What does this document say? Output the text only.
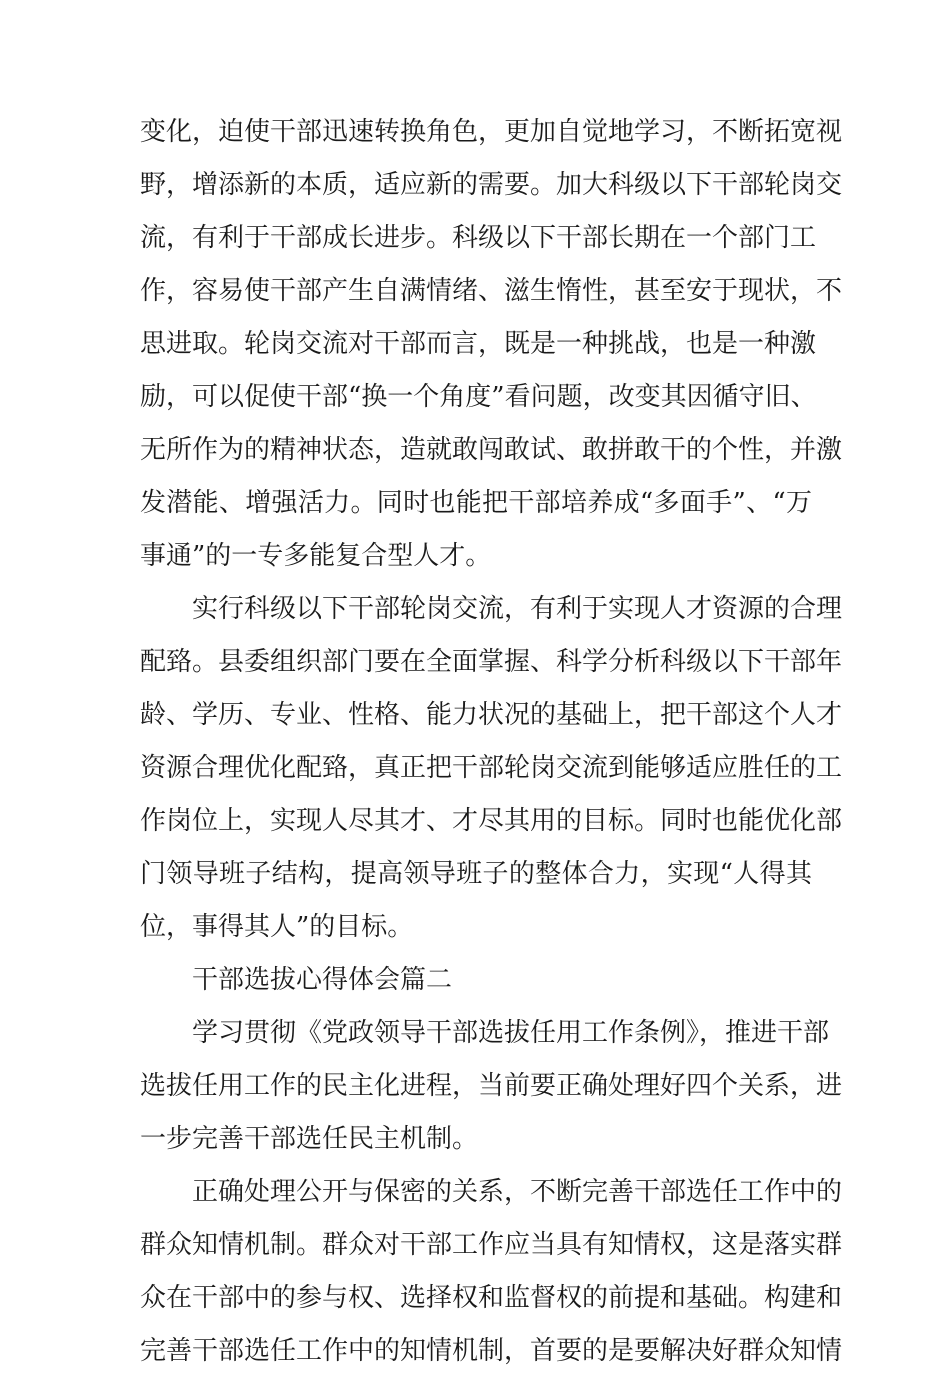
变化，迫使干部迅速转换角色，更加自觉地学习，不断拓宽视
野，增添新的本质，适应新的需要。加大科级以下干部轮岗交
流，有利于干部成长进步。科级以下干部长期在一个部门工
作，容易使干部产生自满情绪、滋生惰性，甚至安于现状，不
思进取。轮岗交流对干部而言，既是一种挑战，也是一种激
励，可以促使干部“换一个角度”看问题，改变其因循守旧、
无所作为的精神状态，造就敢闯敢试、敢拼敢干的个性，并激
发潜能、增强活力。同时也能把干部培养成“多面手”、“万
事通”的一专多能复合型人才。
实行科级以下干部轮岗交流，有利于实现人才资源的合理
配臵。县委组织部门要在全面掌握、科学分析科级以下干部年
龄、学历、专业、性格、能力状况的基础上，把干部这个人才
资源合理优化配臵，真正把干部轮岗交流到能够适应胜任的工
作岗位上，实现人尽其才、才尽其用的目标。同时也能优化部
门领导班子结构，提高领导班子的整体合力，实现“人得其
位，事得其人”的目标。
干部选拔心得体会篇二
学习贯彻《党政领导干部选拔任用工作条例》，推进干部
选拔任用工作的民主化进程，当前要正确处理好四个关系，进
一步完善干部选任民主机制。
正确处理公开与保密的关系，不断完善干部选任工作中的
群众知情机制。群众对干部工作应当具有知情权，这是落实群
众在干部中的参与权、选择权和监督权的前提和基础。构建和
完善干部选任工作中的知情机制，首要的是要解决好群众知情
